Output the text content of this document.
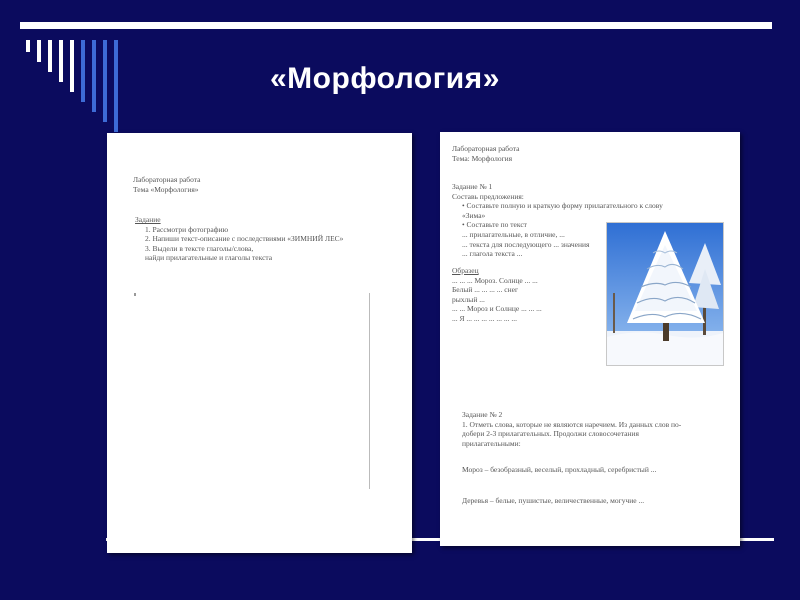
«Морфология»
Лабораторная работа
Тема «Морфология»
Задание
1. Рассмотри фотографию
2. Напиши текст-описание с последствиями «ЗИМНИЙ ЛЕС»
3. Выдели в тексте глаголы/слова,
найди прилагательные и глаголы текста
Лабораторная работа
Тема: Морфология
Задание № 1
Составь предложения:
• Составьте полную и краткую форму прилагательного к слову
«Зима»
• Составьте по текст
... прилагательные, в отличие, ...
... текста для последующего ... значения
... глагола текста ...
Образец
... ... ... Мороз. Солнце ... ...
Белый ... ... ... ... снег
рыхлый ...
... ... Мороз и Солнце ... ... ...
... Я ... ... ... ... ... ... ...
Задание № 2
1. Отметь слова, которые не являются наречием. Из данных слов по-
добери 2-3 прилагательных. Продолжи словосочетания
прилагательными:
Мороз – безобразный, веселый, прохладный, серебристый ...
Деревья – белые, пушистые, величественные, могучие ...
